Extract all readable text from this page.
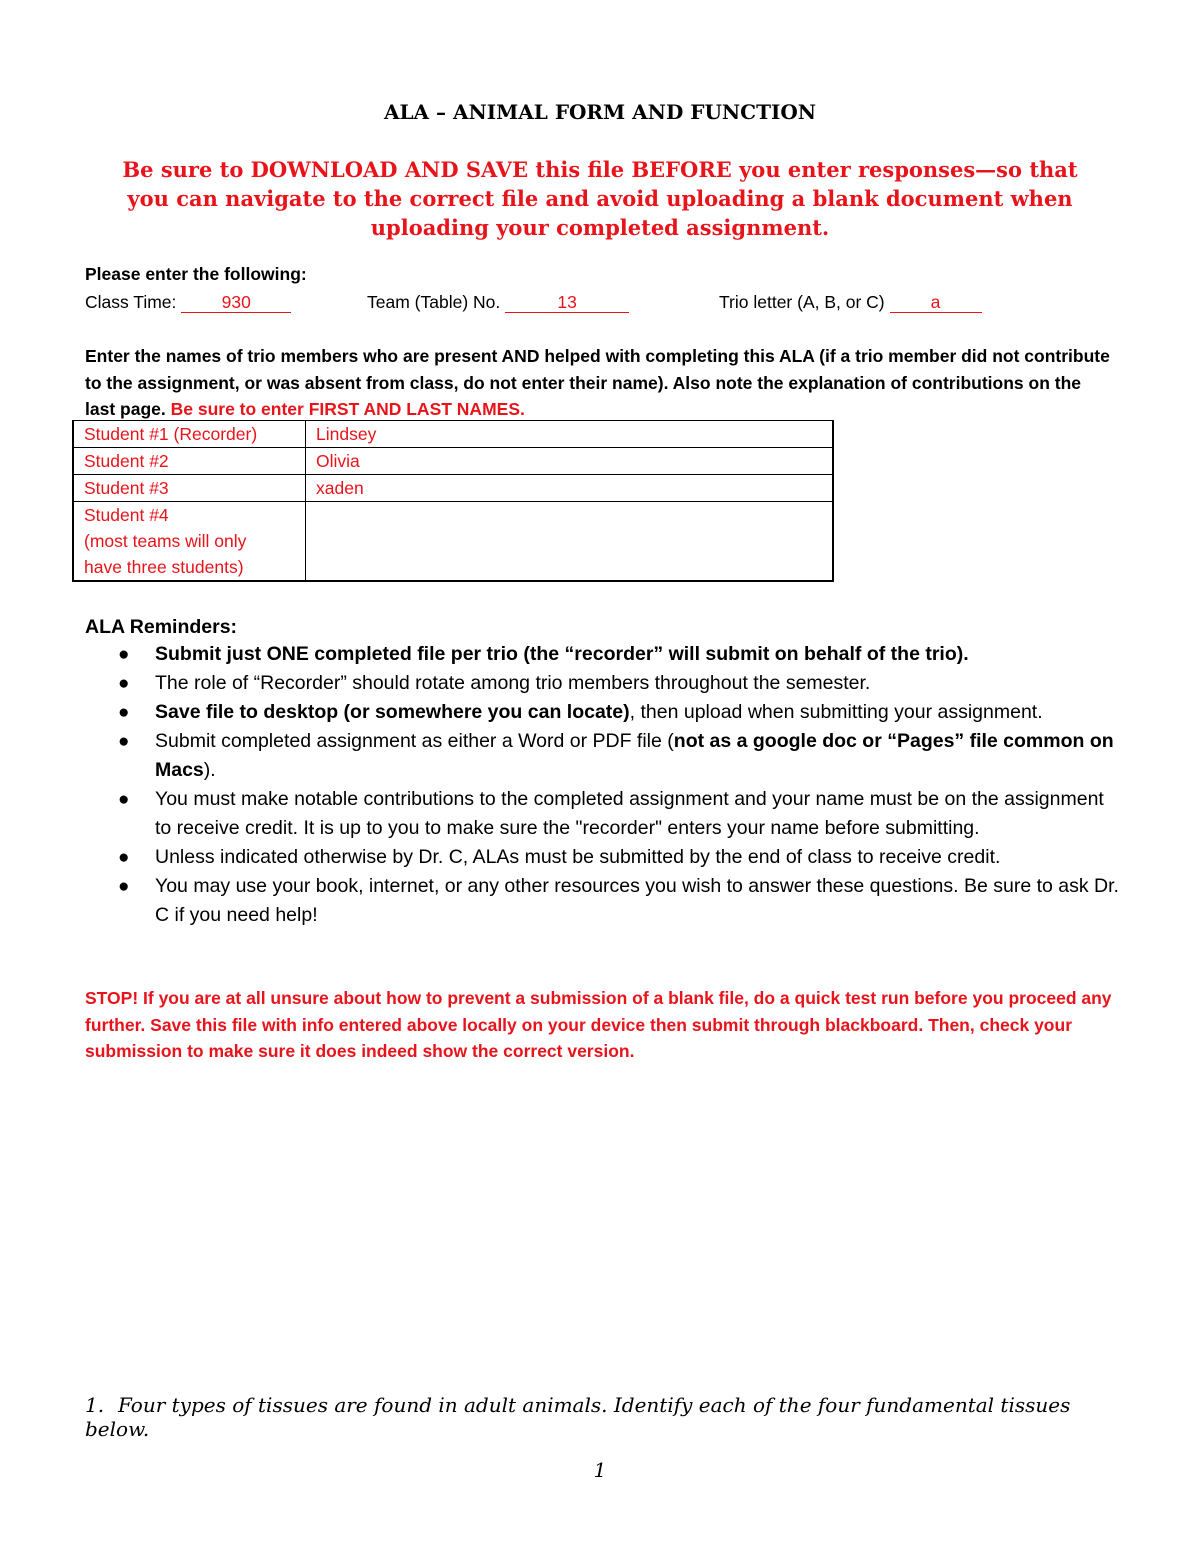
ALA – ANIMAL FORM AND FUNCTION
Be sure to DOWNLOAD AND SAVE this file BEFORE you enter responses—so that you can navigate to the correct file and avoid uploading a blank document when uploading your completed assignment.
Please enter the following:
Class Time:	930	Team (Table) No.	13	Trio letter (A, B, or C)	a
Enter the names of trio members who are present AND helped with completing this ALA (if a trio member did not contribute to the assignment, or was absent from class, do not enter their name). Also note the explanation of contributions on the last page. Be sure to enter FIRST AND LAST NAMES.
Student #1 (Recorder)	Lindsey
Student #2	Olivia
Student #3	xaden

Student #4
(most teams will only
have three students)	

ALA Reminders:
● Submit just ONE completed file per trio (the “recorder” will submit on behalf of the trio).
● The role of “Recorder” should rotate among trio members throughout the semester.
● Save file to desktop (or somewhere you can locate), then upload when submitting your assignment.
● Submit completed assignment as either a Word or PDF file (not as a google doc or “Pages” file common on Macs).
● You must make notable contributions to the completed assignment and your name must be on the assignment to receive credit. It is up to you to make sure the "recorder" enters your name before submitting.
● Unless indicated otherwise by Dr. C, ALAs must be submitted by the end of class to receive credit.
● You may use your book, internet, or any other resources you wish to answer these questions. Be sure to ask Dr. C if you need help!
STOP! If you are at all unsure about how to prevent a submission of a blank file, do a quick test run before you proceed any further. Save this file with info entered above locally on your device then submit through blackboard. Then, check your submission to make sure it does indeed show the correct version.
1. Four types of tissues are found in adult animals. Identify each of the four fundamental tissues below.
1
